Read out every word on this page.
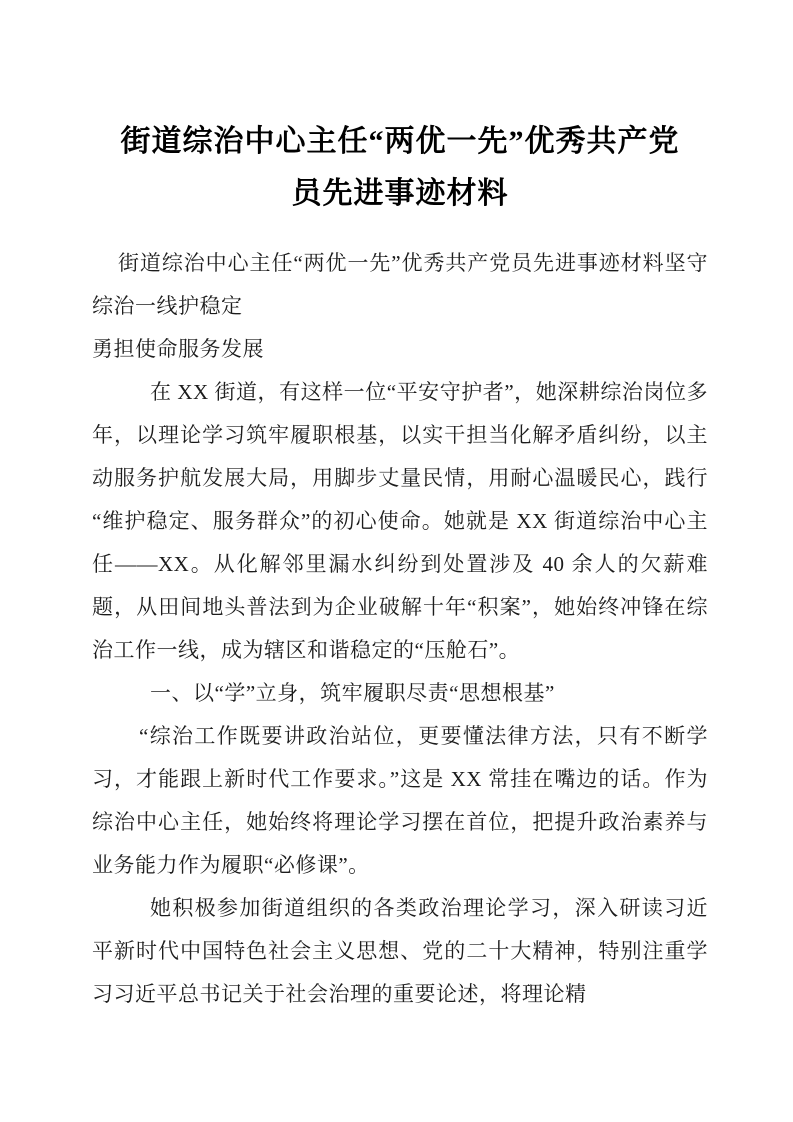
街道综治中心主任“两优一先”优秀共产党
员先进事迹材料

街道综治中心主任“两优一先”优秀共产党员先进事迹材料坚守综治一线护稳定

勇担使命服务发展

在 XX 街道，有这样一位“平安守护者”，她深耕综治岗位多年，以理论学习筑牢履职根基，以实干担当化解矛盾纠纷，以主动服务护航发展大局，用脚步丈量民情，用耐心温暖民心，践行“维护稳定、服务群众”的初心使命。她就是 XX 街道综治中心主任——XX。从化解邻里漏水纠纷到处置涉及 40 余人的欠薪难题，从田间地头普法到为企业破解十年“积案”，她始终冲锋在综治工作一线，成为辖区和谐稳定的“压舱石”。

一、以“学”立身，筑牢履职尽责“思想根基”

“综治工作既要讲政治站位，更要懂法律方法，只有不断学习，才能跟上新时代工作要求。”这是 XX 常挂在嘴边的话。作为综治中心主任，她始终将理论学习摆在首位，把提升政治素养与业务能力作为履职“必修课”。

她积极参加街道组织的各类政治理论学习，深入研读习近平新时代中国特色社会主义思想、党的二十大精神，特别注重学习习近平总书记关于社会治理的重要论述，将理论精
